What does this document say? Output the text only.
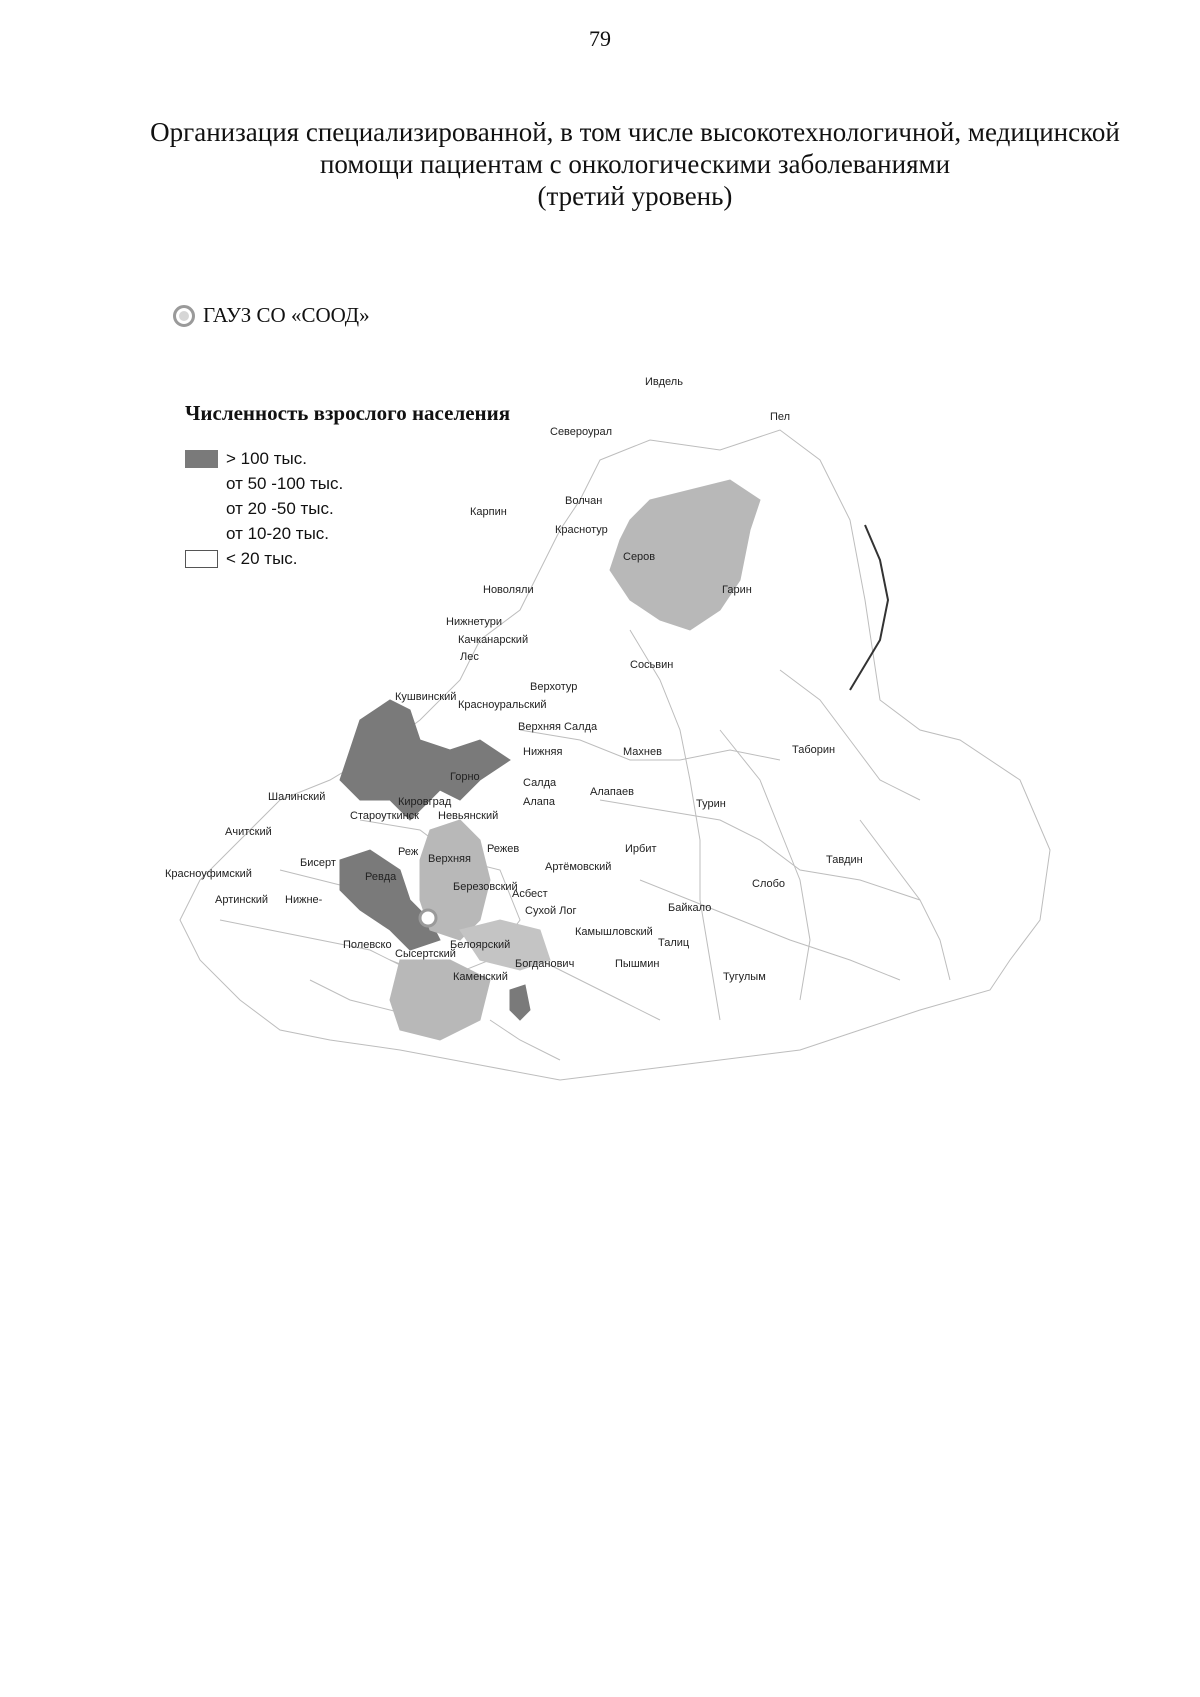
79
Организация специализированной, в том числе высокотехнологичной, медицинской
помощи пациентам с онкологическими заболеваниями
(третий уровень)
ГАУЗ СО «СООД»
Ивдель
Пел
Североурал
Карпин
Волчан
Краснотур
Серов
Новоляли	Гарин
Нижнетури
Качканарский
Лес
Сосьвин
Кушвинский
Верхотур
Красноуральский
Верхняя Салда
Нижняя	Махнев	Таборин
Горно	Салда
Шалинский
Староуткинск
Кировград
Невьянский
Алапа
Алапаев
Турин
Ачитский
Ревда
Верхняя
Реж	Режев	Ирбит
Бисерт
Красноуфимский
Артёмовский
Тавдин
Артинский Нижне-
Березовский
Асбест
Сухой Лог	Байкало
Слобо
Камышловский
Полевско	Белоярский	Талиц
Сысертский
Богданович	Пышмин
Тугулым
Каменский
Численность взрослого населения
> 100 тыс.
от 50 -100 тыс.
от 20 -50 тыс.
от 10-20 тыс.
< 20 тыс.
